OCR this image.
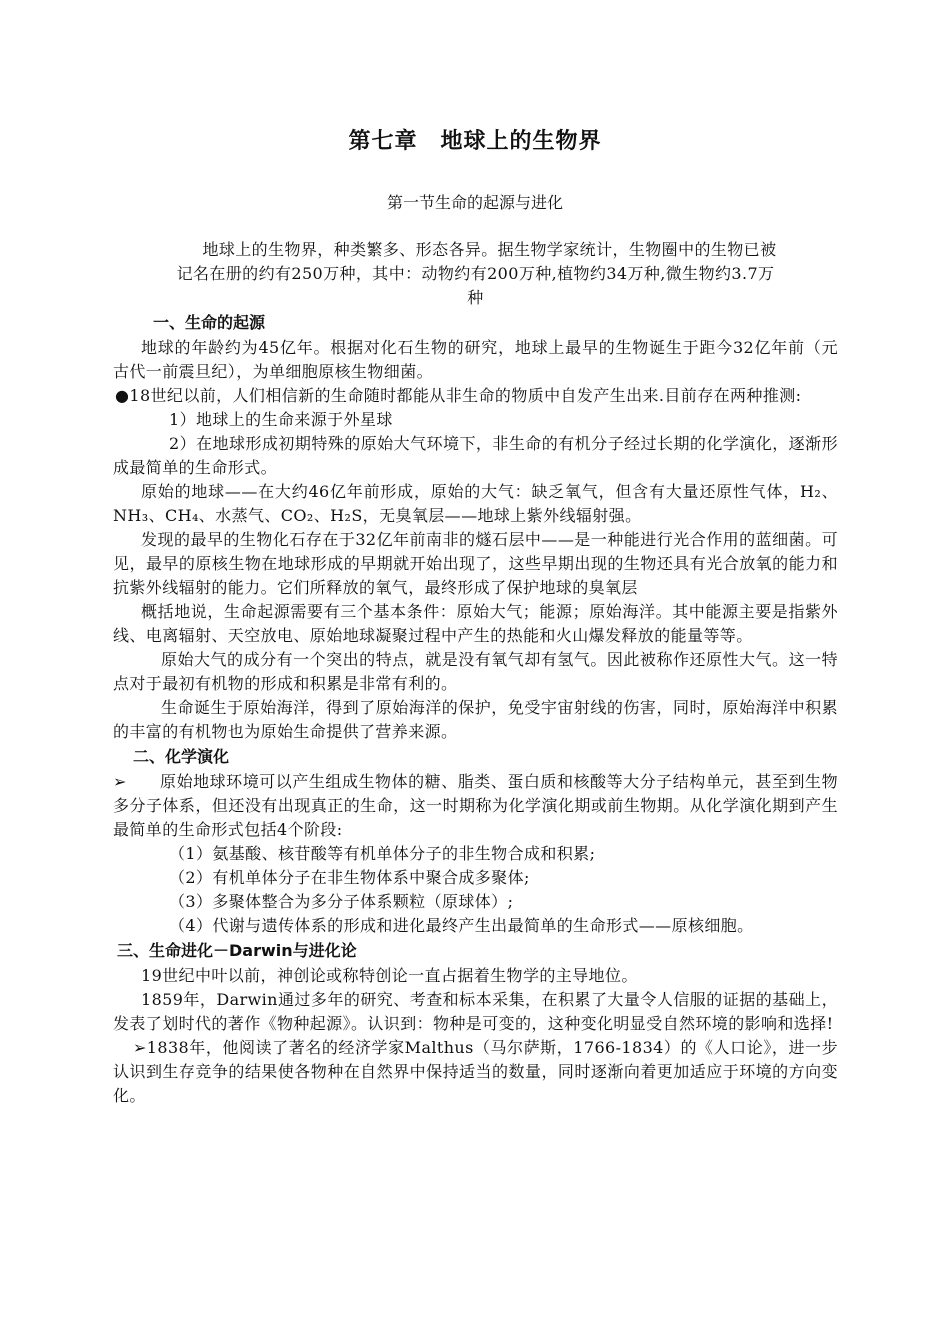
第七章　地球上的生物界
第一节生命的起源与进化

地球上的生物界，种类繁多、形态各异。据生物学家统计，生物圈中的生物已被

记名在册的约有250万种，其中：动物约有200万种,植物约34万种,微生物约3.7万

种

一、生命的起源

地球的年龄约为45亿年。根据对化石生物的研究，地球上最早的生物诞生于距今32亿年前（元古代一前震旦纪），为单细胞原核生物细菌。

●18世纪以前，人们相信新的生命随时都能从非生命的物质中自发产生出来.目前存在两种推测:

1）地球上的生命来源于外星球

2）在地球形成初期特殊的原始大气环境下，非生命的有机分子经过长期的化学演化，逐渐形成最简单的生命形式。

原始的地球——在大约46亿年前形成，原始的大气：缺乏氧气，但含有大量还原性气体，H₂、NH₃、CH₄、水蒸气、CO₂、H₂S，无臭氧层——地球上紫外线辐射强。

发现的最早的生物化石存在于32亿年前南非的燧石层中——是一种能进行光合作用的蓝细菌。可见，最早的原核生物在地球形成的早期就开始出现了，这些早期出现的生物还具有光合放氧的能力和抗紫外线辐射的能力。它们所释放的氧气，最终形成了保护地球的臭氧层

概括地说，生命起源需要有三个基本条件：原始大气；能源；原始海洋。其中能源主要是指紫外线、电离辐射、天空放电、原始地球凝聚过程中产生的热能和火山爆发释放的能量等等。

原始大气的成分有一个突出的特点，就是没有氧气却有氢气。因此被称作还原性大气。这一特点对于最初有机物的形成和积累是非常有利的。

生命诞生于原始海洋，得到了原始海洋的保护，免受宇宙射线的伤害，同时，原始海洋中积累的丰富的有机物也为原始生命提供了营养来源。

二、化学演化

➢　　原始地球环境可以产生组成生物体的糖、脂类、蛋白质和核酸等大分子结构单元，甚至到生物多分子体系，但还没有出现真正的生命，这一时期称为化学演化期或前生物期。从化学演化期到产生最简单的生命形式包括4个阶段:

（1）氨基酸、核苷酸等有机单体分子的非生物合成和积累;

（2）有机单体分子在非生物体系中聚合成多聚体;

（3）多聚体整合为多分子体系颗粒（原球体）;

（4）代谢与遗传体系的形成和进化最终产生出最简单的生命形式——原核细胞。

三、生命进化－Darwin与进化论

19世纪中叶以前，神创论或称特创论一直占据着生物学的主导地位。

1859年，Darwin通过多年的研究、考查和标本采集，在积累了大量令人信服的证据的基础上，发表了划时代的著作《物种起源》。认识到：物种是可变的，这种变化明显受自然环境的影响和选择!

➢1838年，他阅读了著名的经济学家Malthus（马尔萨斯，1766-1834）的《人口论》，进一步认识到生存竞争的结果使各物种在自然界中保持适当的数量，同时逐渐向着更加适应于环境的方向变化。
